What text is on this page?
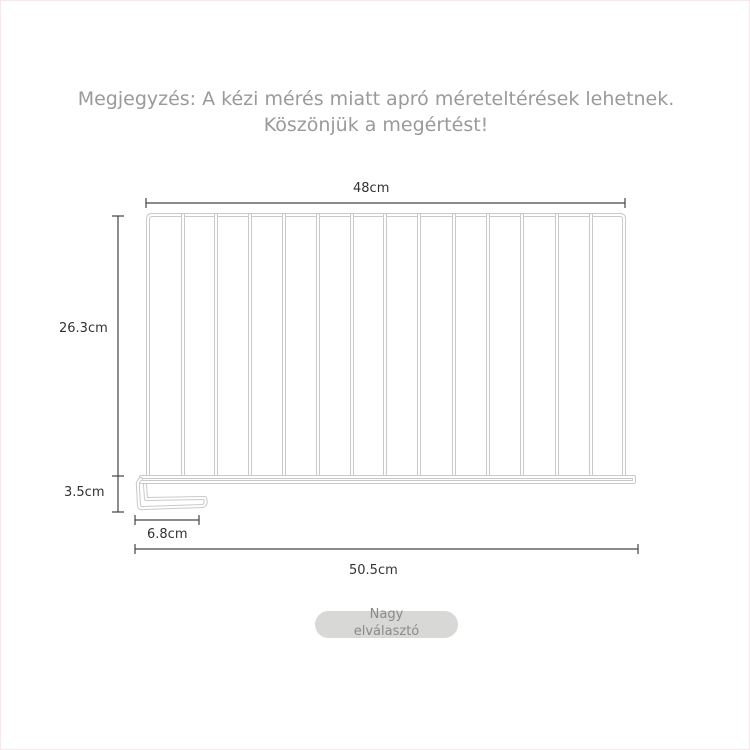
Megjegyzés: A kézi mérés miatt apró méreteltérések lehetnek.
Köszönjük a megértést!
48cm
26.3cm
3.5cm
6.8cm
50.5cm
Nagy
elválasztó
